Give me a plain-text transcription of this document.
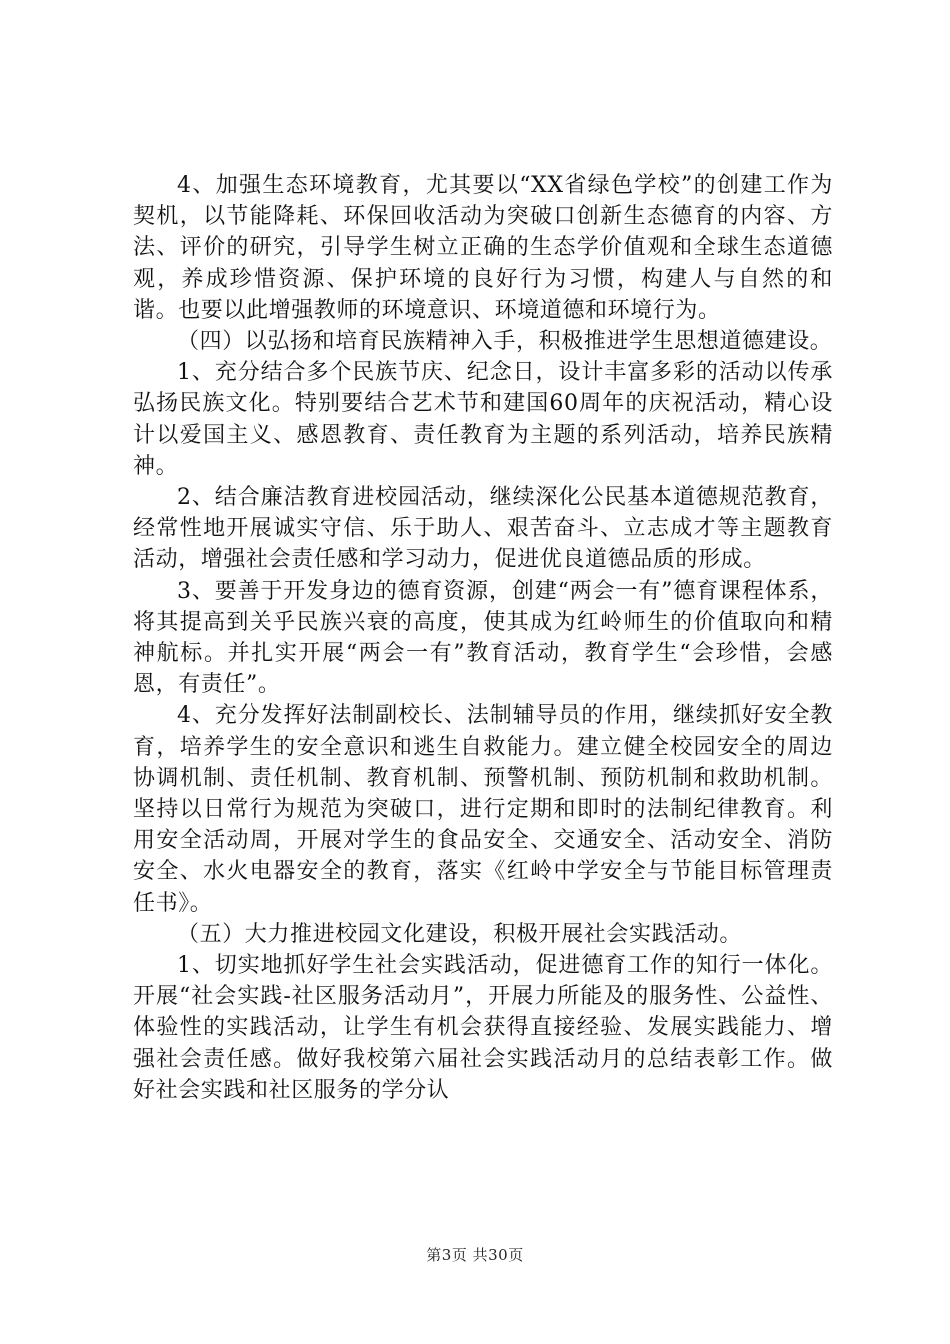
4、加强生态环境教育，尤其要以“XX省绿色学校”的创建工作为契机，以节能降耗、环保回收活动为突破口创新生态德育的内容、方法、评价的研究，引导学生树立正确的生态学价值观和全球生态道德观，养成珍惜资源、保护环境的良好行为习惯，构建人与自然的和谐。也要以此增强教师的环境意识、环境道德和环境行为。

（四）以弘扬和培育民族精神入手，积极推进学生思想道德建设。

1、充分结合多个民族节庆、纪念日，设计丰富多彩的活动以传承弘扬民族文化。特别要结合艺术节和建国60周年的庆祝活动，精心设计以爱国主义、感恩教育、责任教育为主题的系列活动，培养民族精神。

2、结合廉洁教育进校园活动，继续深化公民基本道德规范教育，经常性地开展诚实守信、乐于助人、艰苦奋斗、立志成才等主题教育活动，增强社会责任感和学习动力，促进优良道德品质的形成。

3、要善于开发身边的德育资源，创建“两会一有”德育课程体系，将其提高到关乎民族兴衰的高度，使其成为红岭师生的价值取向和精神航标。并扎实开展“两会一有”教育活动，教育学生“会珍惜，会感恩，有责任”。

4、充分发挥好法制副校长、法制辅导员的作用，继续抓好安全教育，培养学生的安全意识和逃生自救能力。建立健全校园安全的周边协调机制、责任机制、教育机制、预警机制、预防机制和救助机制。坚持以日常行为规范为突破口，进行定期和即时的法制纪律教育。利用安全活动周，开展对学生的食品安全、交通安全、活动安全、消防安全、水火电器安全的教育，落实《红岭中学安全与节能目标管理责任书》。

（五）大力推进校园文化建设，积极开展社会实践活动。

1、切实地抓好学生社会实践活动，促进德育工作的知行一体化。开展“社会实践-社区服务活动月”，开展力所能及的服务性、公益性、体验性的实践活动，让学生有机会获得直接经验、发展实践能力、增强社会责任感。做好我校第六届社会实践活动月的总结表彰工作。做好社会实践和社区服务的学分认

第3页 共30页
